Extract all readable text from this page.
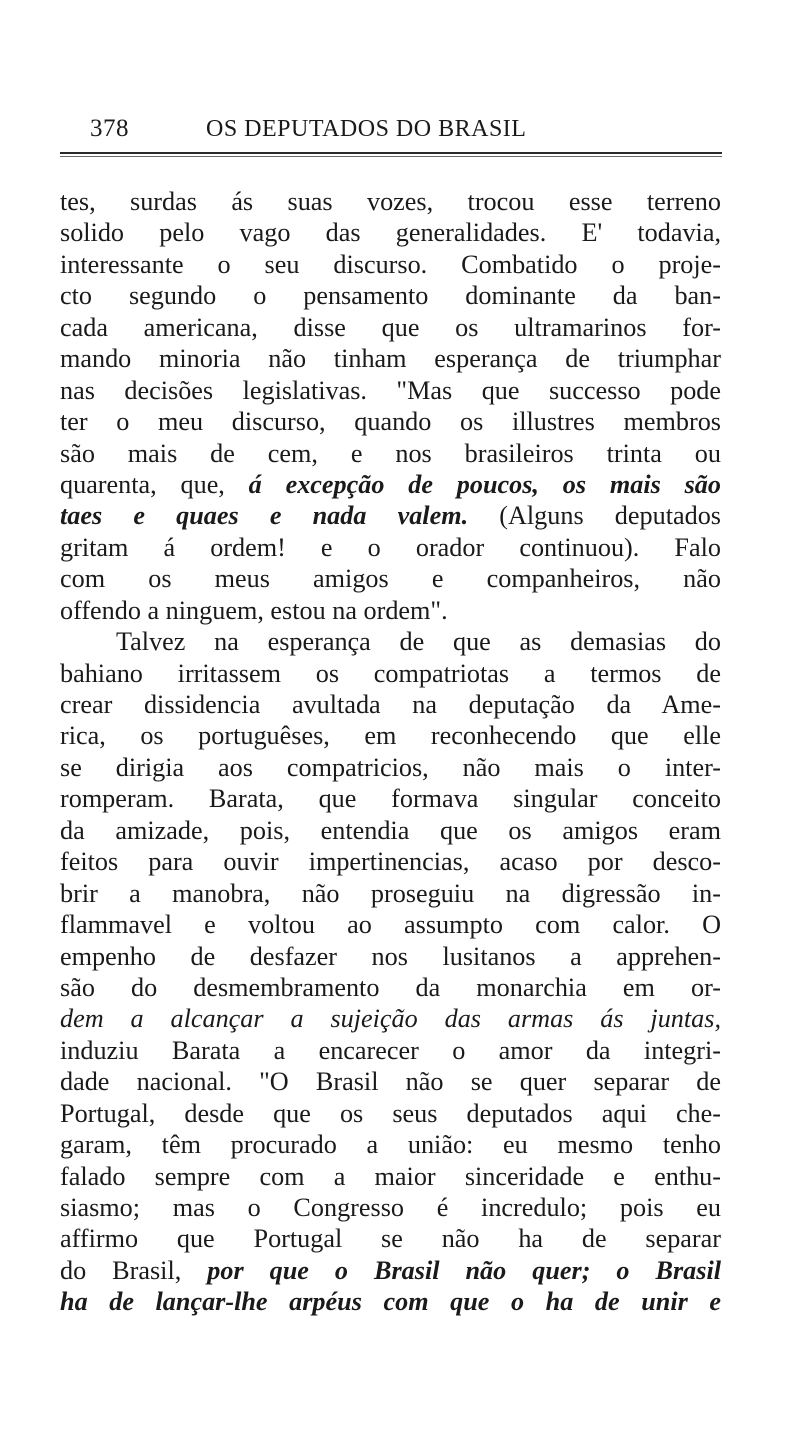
378	OS DEPUTADOS DO BRASIL
tes, surdas ás suas vozes, trocou esse terreno
solido pelo vago das generalidades. E' todavia,
interessante o seu discurso. Combatido o proje-
cto segundo o pensamento dominante da ban-
cada americana, disse que os ultramarinos for-
mando minoria não tinham esperança de triumphar
nas decisões legislativas. "Mas que successo pode
ter o meu discurso, quando os illustres membros
são mais de cem, e nos brasileiros trinta ou
quarenta, que, á excepção de poucos, os mais são
taes e quaes e nada valem. (Alguns deputados
gritam á ordem! e o orador continuou). Falo
com os meus amigos e companheiros, não
offendo a ninguem, estou na ordem".
Talvez na esperança de que as demasias do
bahiano irritassem os compatriotas a termos de
crear dissidencia avultada na deputação da Ame-
rica, os portuguêses, em reconhecendo que elle
se dirigia aos compatricios, não mais o inter-
romperam. Barata, que formava singular conceito
da amizade, pois, entendia que os amigos eram
feitos para ouvir impertinencias, acaso por desco-
brir a manobra, não proseguiu na digressão in-
flammavel e voltou ao assumpto com calor. O
empenho de desfazer nos lusitanos a apprehen-
são do desmembramento da monarchia em or-
dem a alcançar a sujeição das armas ás juntas,
induziu Barata a encarecer o amor da integri-
dade nacional. "O Brasil não se quer separar de
Portugal, desde que os seus deputados aqui che-
garam, têm procurado a união: eu mesmo tenho
falado sempre com a maior sinceridade e enthu-
siasmo; mas o Congresso é incredulo; pois eu
affirmo que Portugal se não ha de separar
do Brasil, por que o Brasil não quer; o Brasil
ha de lançar-lhe arpéus com que o ha de unir e
